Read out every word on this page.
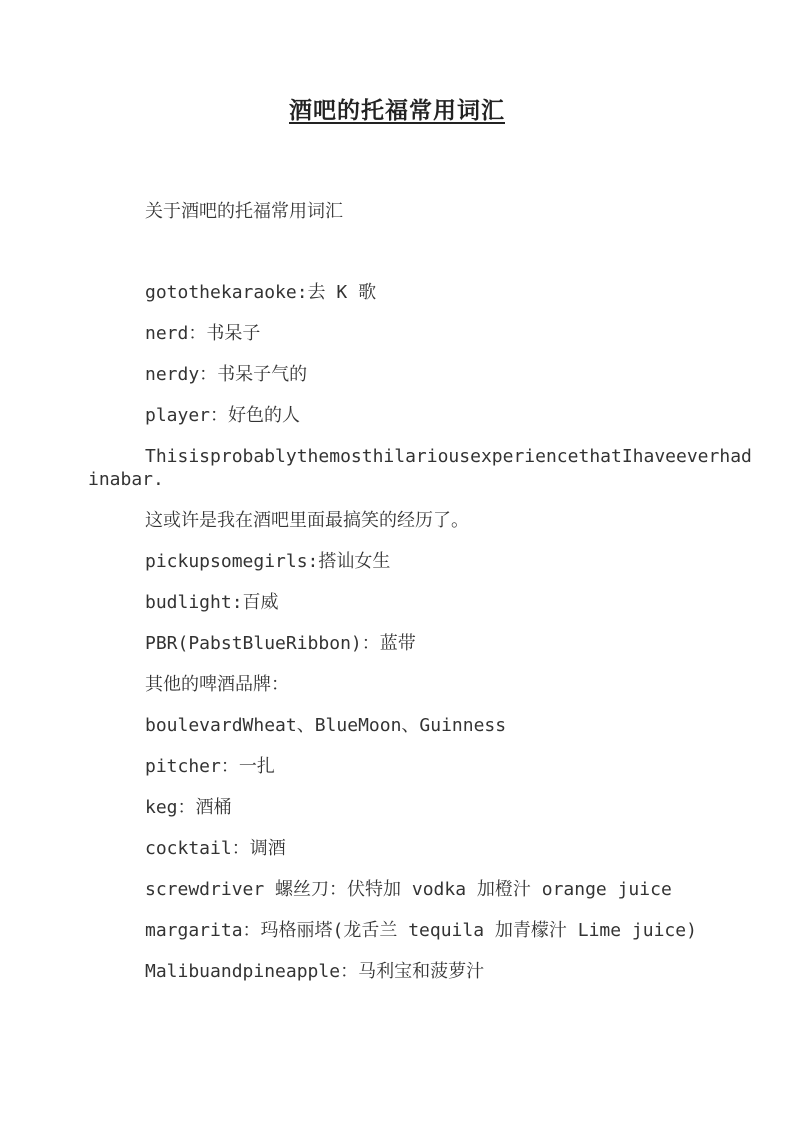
酒吧的托福常用词汇

关于酒吧的托福常用词汇

gotothekaraoke:去 K 歌

nerd：书呆子

nerdy：书呆子气的

player：好色的人

ThisisprobablythemosthilariousexperiencethatIhaveeverhad

inabar.

这或许是我在酒吧里面最搞笑的经历了。

pickupsomegirls:搭讪女生

budlight:百威

PBR(PabstBlueRibbon)：蓝带

其他的啤酒品牌：

boulevardWheat、BlueMoon、Guinness

pitcher：一扎

keg：酒桶

cocktail：调酒

screwdriver 螺丝刀：伏特加 vodka 加橙汁 orange juice

margarita：玛格丽塔(龙舌兰 tequila 加青檬汁 Lime juice)

Malibuandpineapple：马利宝和菠萝汁
